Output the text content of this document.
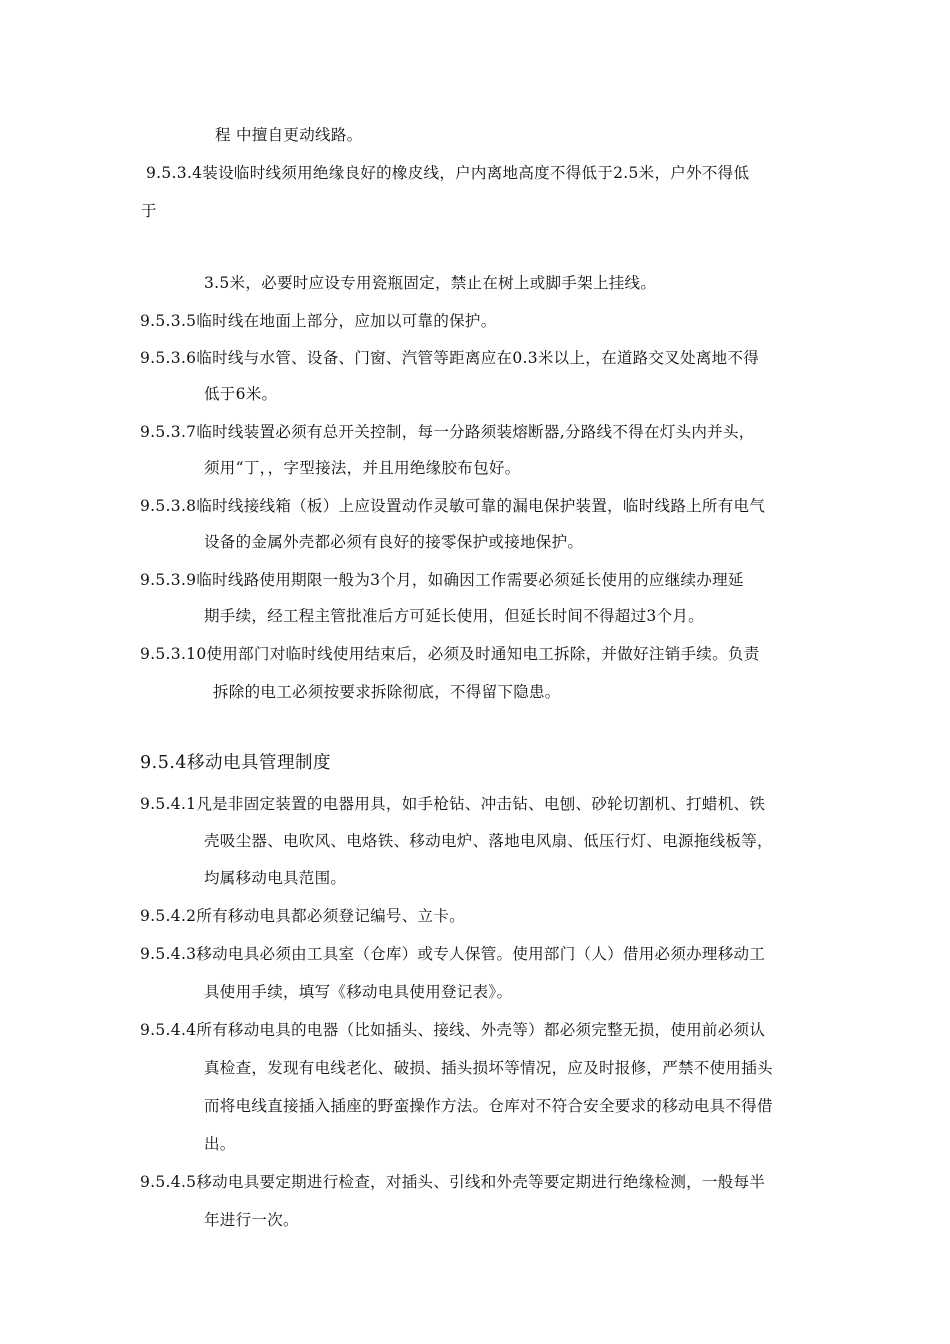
程 中擅自更动线路。
9.5.3.4装设临时线须用绝缘良好的橡皮线，户内离地高度不得低于2.5米，户外不得低
于
3.5米，必要时应设专用瓷瓶固定，禁止在树上或脚手架上挂线。
9.5.3.5临时线在地面上部分，应加以可靠的保护。
9.5.3.6临时线与水管、设备、门窗、汽管等距离应在0.3米以上，在道路交叉处离地不得
低于6米。
9.5.3.7临时线装置必须有总开关控制，每一分路须装熔断器,分路线不得在灯头内并头，
须用“丁，，字型接法，并且用绝缘胶布包好。
9.5.3.8临时线接线箱（板）上应设置动作灵敏可靠的漏电保护装置，临时线路上所有电气
设备的金属外壳都必须有良好的接零保护或接地保护。
9.5.3.9临时线路使用期限一般为3个月，如确因工作需要必须延长使用的应继续办理延
期手续，经工程主管批准后方可延长使用，但延长时间不得超过3个月。
9.5.3.10使用部门对临时线使用结束后，必须及时通知电工拆除，并做好注销手续。负责
拆除的电工必须按要求拆除彻底，不得留下隐患。
9.5.4移动电具管理制度
9.5.4.1凡是非固定装置的电器用具，如手枪钻、冲击钻、电刨、砂轮切割机、打蜡机、铁
壳吸尘器、电吹风、电烙铁、移动电炉、落地电风扇、低压行灯、电源拖线板等，
均属移动电具范围。
9.5.4.2所有移动电具都必须登记编号、立卡。
9.5.4.3移动电具必须由工具室（仓库）或专人保管。使用部门（人）借用必须办理移动工
具使用手续，填写《移动电具使用登记表》。
9.5.4.4所有移动电具的电器（比如插头、接线、外壳等）都必须完整无损，使用前必须认
真检查，发现有电线老化、破损、插头损坏等情况，应及时报修，严禁不使用插头
而将电线直接插入插座的野蛮操作方法。仓库对不符合安全要求的移动电具不得借
出。
9.5.4.5移动电具要定期进行检查，对插头、引线和外壳等要定期进行绝缘检测，一般每半
年进行一次。
